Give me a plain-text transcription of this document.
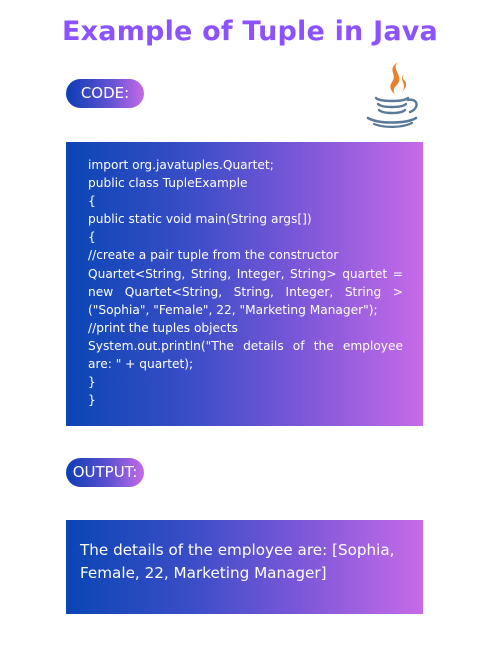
Example of Tuple in Java
CODE:
import org.javatuples.Quartet;
public class TupleExample
{
public static void main(String args[])
{
//create a pair tuple from the constructor
Quartet<String, String, Integer, String> quartet =
new Quartet<String, String, Integer, String >
("Sophia", "Female", 22, "Marketing Manager");
//print the tuples objects
System.out.println("The details of the employee
are: " + quartet);
}
}
OUTPUT:
The details of the employee are: [Sophia, Female, 22, Marketing Manager]
